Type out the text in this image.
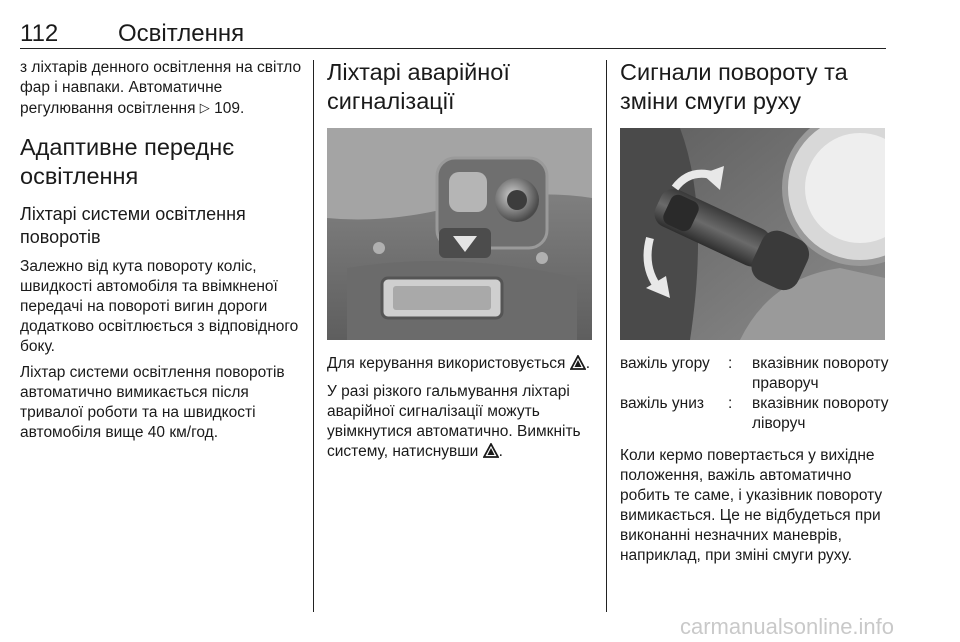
112 Освітлення

з ліхтарів денного освітлення на світло фар і навпаки. Автоматичне регулювання освітлення ▷ 109.

Адаптивне переднє освітлення
Ліхтарі системи освітлення поворотів

Залежно від кута повороту коліс, швидкості автомобіля та ввімкненої передачі на повороті вигин дороги додатково освітлюється з відповідного боку.

Ліхтар системи освітлення поворотів автоматично вимикається після тривалої роботи та на швидкості автомобіля вище 40 км/год.

Ліхтарі аварійної сигналізації

Для керування використовується .

У разі різкого гальмування ліхтарі аварійної сигналізації можуть увімкнутися автоматично. Вимкніть систему, натиснувши .

Сигнали повороту та зміни смуги руху
важіль угору	:	вказівник повороту праворуч
важіль униз	:	вказівник повороту ліворуч

Коли кермо повертається у вихідне положення, важіль автоматично робить те саме, і указівник повороту вимикається. Це не відбудеться при виконанні незначних маневрів, наприклад, при зміні смуги руху.

carmanualsonline.info
